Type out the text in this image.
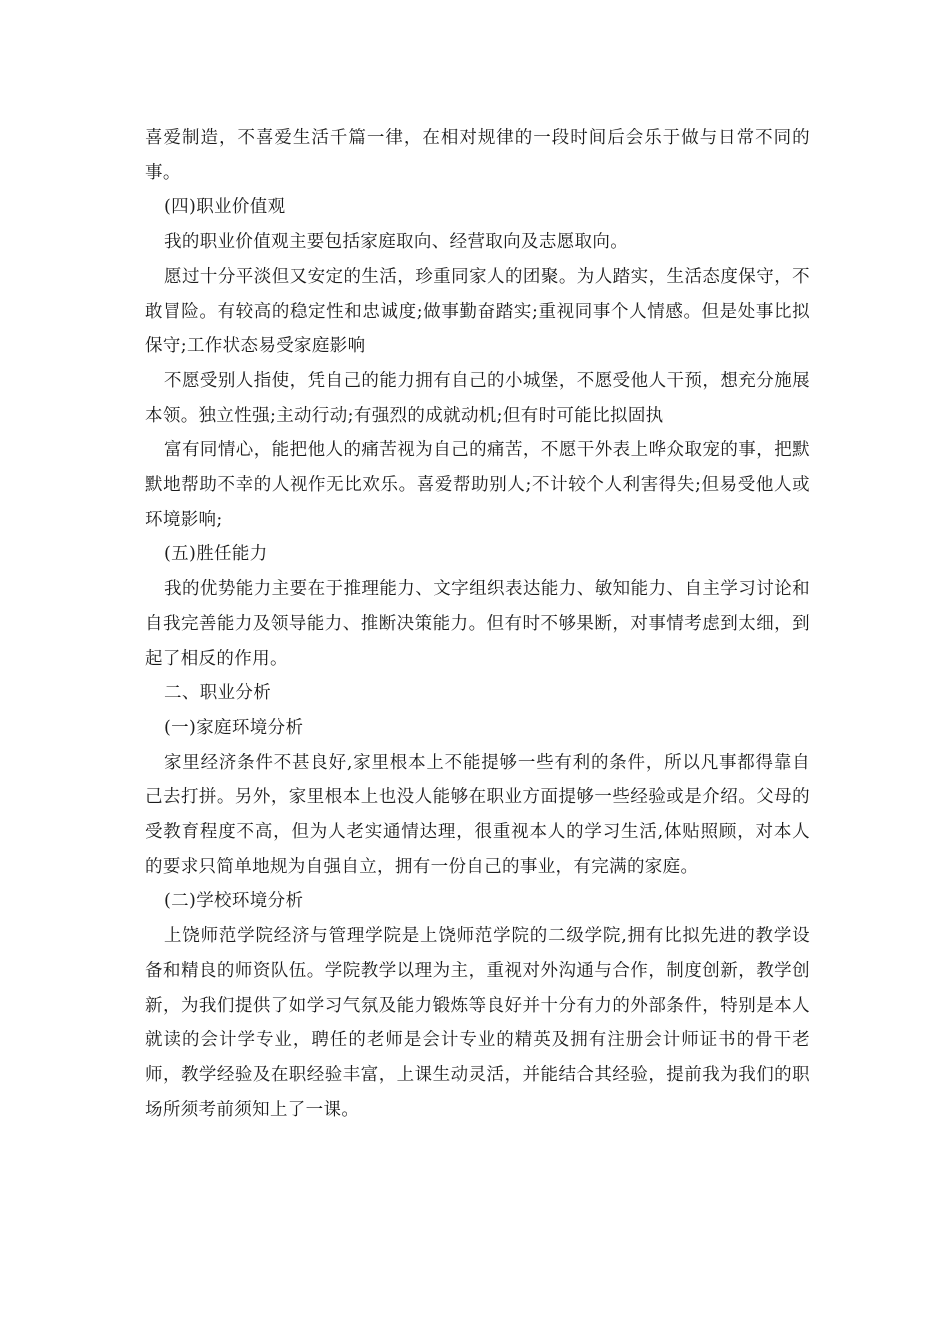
喜爱制造，不喜爱生活千篇一律，在相对规律的一段时间后会乐于做与日常不同的事。

(四)职业价值观

我的职业价值观主要包括家庭取向、经营取向及志愿取向。

愿过十分平淡但又安定的生活，珍重同家人的团聚。为人踏实，生活态度保守，不敢冒险。有较高的稳定性和忠诚度;做事勤奋踏实;重视同事个人情感。但是处事比拟保守;工作状态易受家庭影响

不愿受别人指使，凭自己的能力拥有自己的小城堡，不愿受他人干预，想充分施展本领。独立性强;主动行动;有强烈的成就动机;但有时可能比拟固执

富有同情心，能把他人的痛苦视为自己的痛苦，不愿干外表上哗众取宠的事，把默默地帮助不幸的人视作无比欢乐。喜爱帮助别人;不计较个人利害得失;但易受他人或环境影响;

(五)胜任能力

我的优势能力主要在于推理能力、文字组织表达能力、敏知能力、自主学习讨论和自我完善能力及领导能力、推断决策能力。但有时不够果断，对事情考虑到太细，到起了相反的作用。

二、职业分析

(一)家庭环境分析

家里经济条件不甚良好,家里根本上不能提够一些有利的条件，所以凡事都得靠自己去打拼。另外，家里根本上也没人能够在职业方面提够一些经验或是介绍。父母的受教育程度不高，但为人老实通情达理，很重视本人的学习生活,体贴照顾，对本人的要求只简单地规为自强自立，拥有一份自己的事业，有完满的家庭。

(二)学校环境分析

上饶师范学院经济与管理学院是上饶师范学院的二级学院,拥有比拟先进的教学设备和精良的师资队伍。学院教学以理为主，重视对外沟通与合作，制度创新，教学创新，为我们提供了如学习气氛及能力锻炼等良好并十分有力的外部条件，特别是本人就读的会计学专业，聘任的老师是会计专业的精英及拥有注册会计师证书的骨干老师，教学经验及在职经验丰富，上课生动灵活，并能结合其经验，提前我为我们的职场所须考前须知上了一课。
